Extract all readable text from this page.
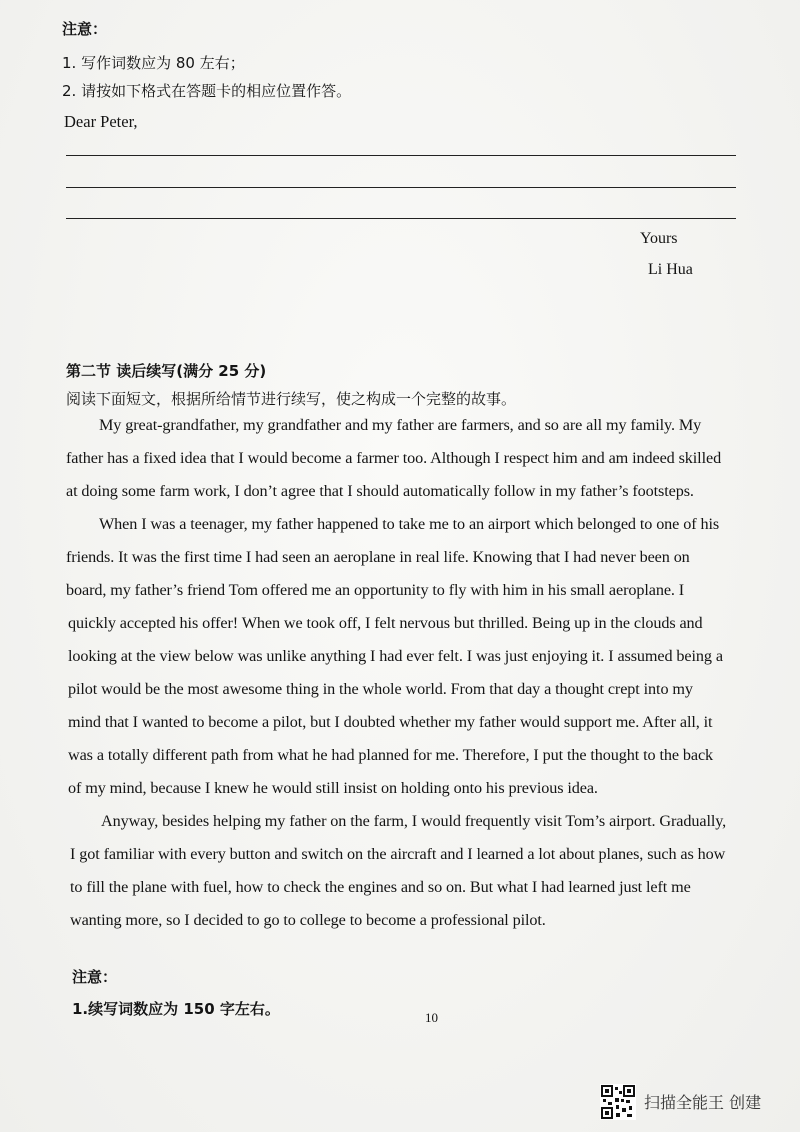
注意：
1. 写作词数应为 80 左右；
2. 请按如下格式在答题卡的相应位置作答。
Dear Peter,
Yours
Li Hua
第二节 读后续写(满分 25 分)
阅读下面短文，根据所给情节进行续写，使之构成一个完整的故事。
My great-grandfather, my grandfather and my father are farmers, and so are all my family. My
father has a fixed idea that I would become a farmer too. Although I respect him and am indeed skilled
at doing some farm work, I don’t agree that I should automatically follow in my father’s footsteps.
When I was a teenager, my father happened to take me to an airport which belonged to one of his
friends. It was the first time I had seen an aeroplane in real life. Knowing that I had never been on
board, my father’s friend Tom offered me an opportunity to fly with him in his small aeroplane. I
quickly accepted his offer! When we took off, I felt nervous but thrilled. Being up in the clouds and
looking at the view below was unlike anything I had ever felt. I was just enjoying it. I assumed being a
pilot would be the most awesome thing in the whole world. From that day a thought crept into my
mind that I wanted to become a pilot, but I doubted whether my father would support me. After all, it
was a totally different path from what he had planned for me. Therefore, I put the thought to the back
of my mind, because I knew he would still insist on holding onto his previous idea.
Anyway, besides helping my father on the farm, I would frequently visit Tom’s airport. Gradually,
I got familiar with every button and switch on the aircraft and I learned a lot about planes, such as how
to fill the plane with fuel, how to check the engines and so on. But what I had learned just left me
wanting more, so I decided to go to college to become a professional pilot.
注意：
1.续写词数应为 150 字左右。	10
扫描全能王 创建
